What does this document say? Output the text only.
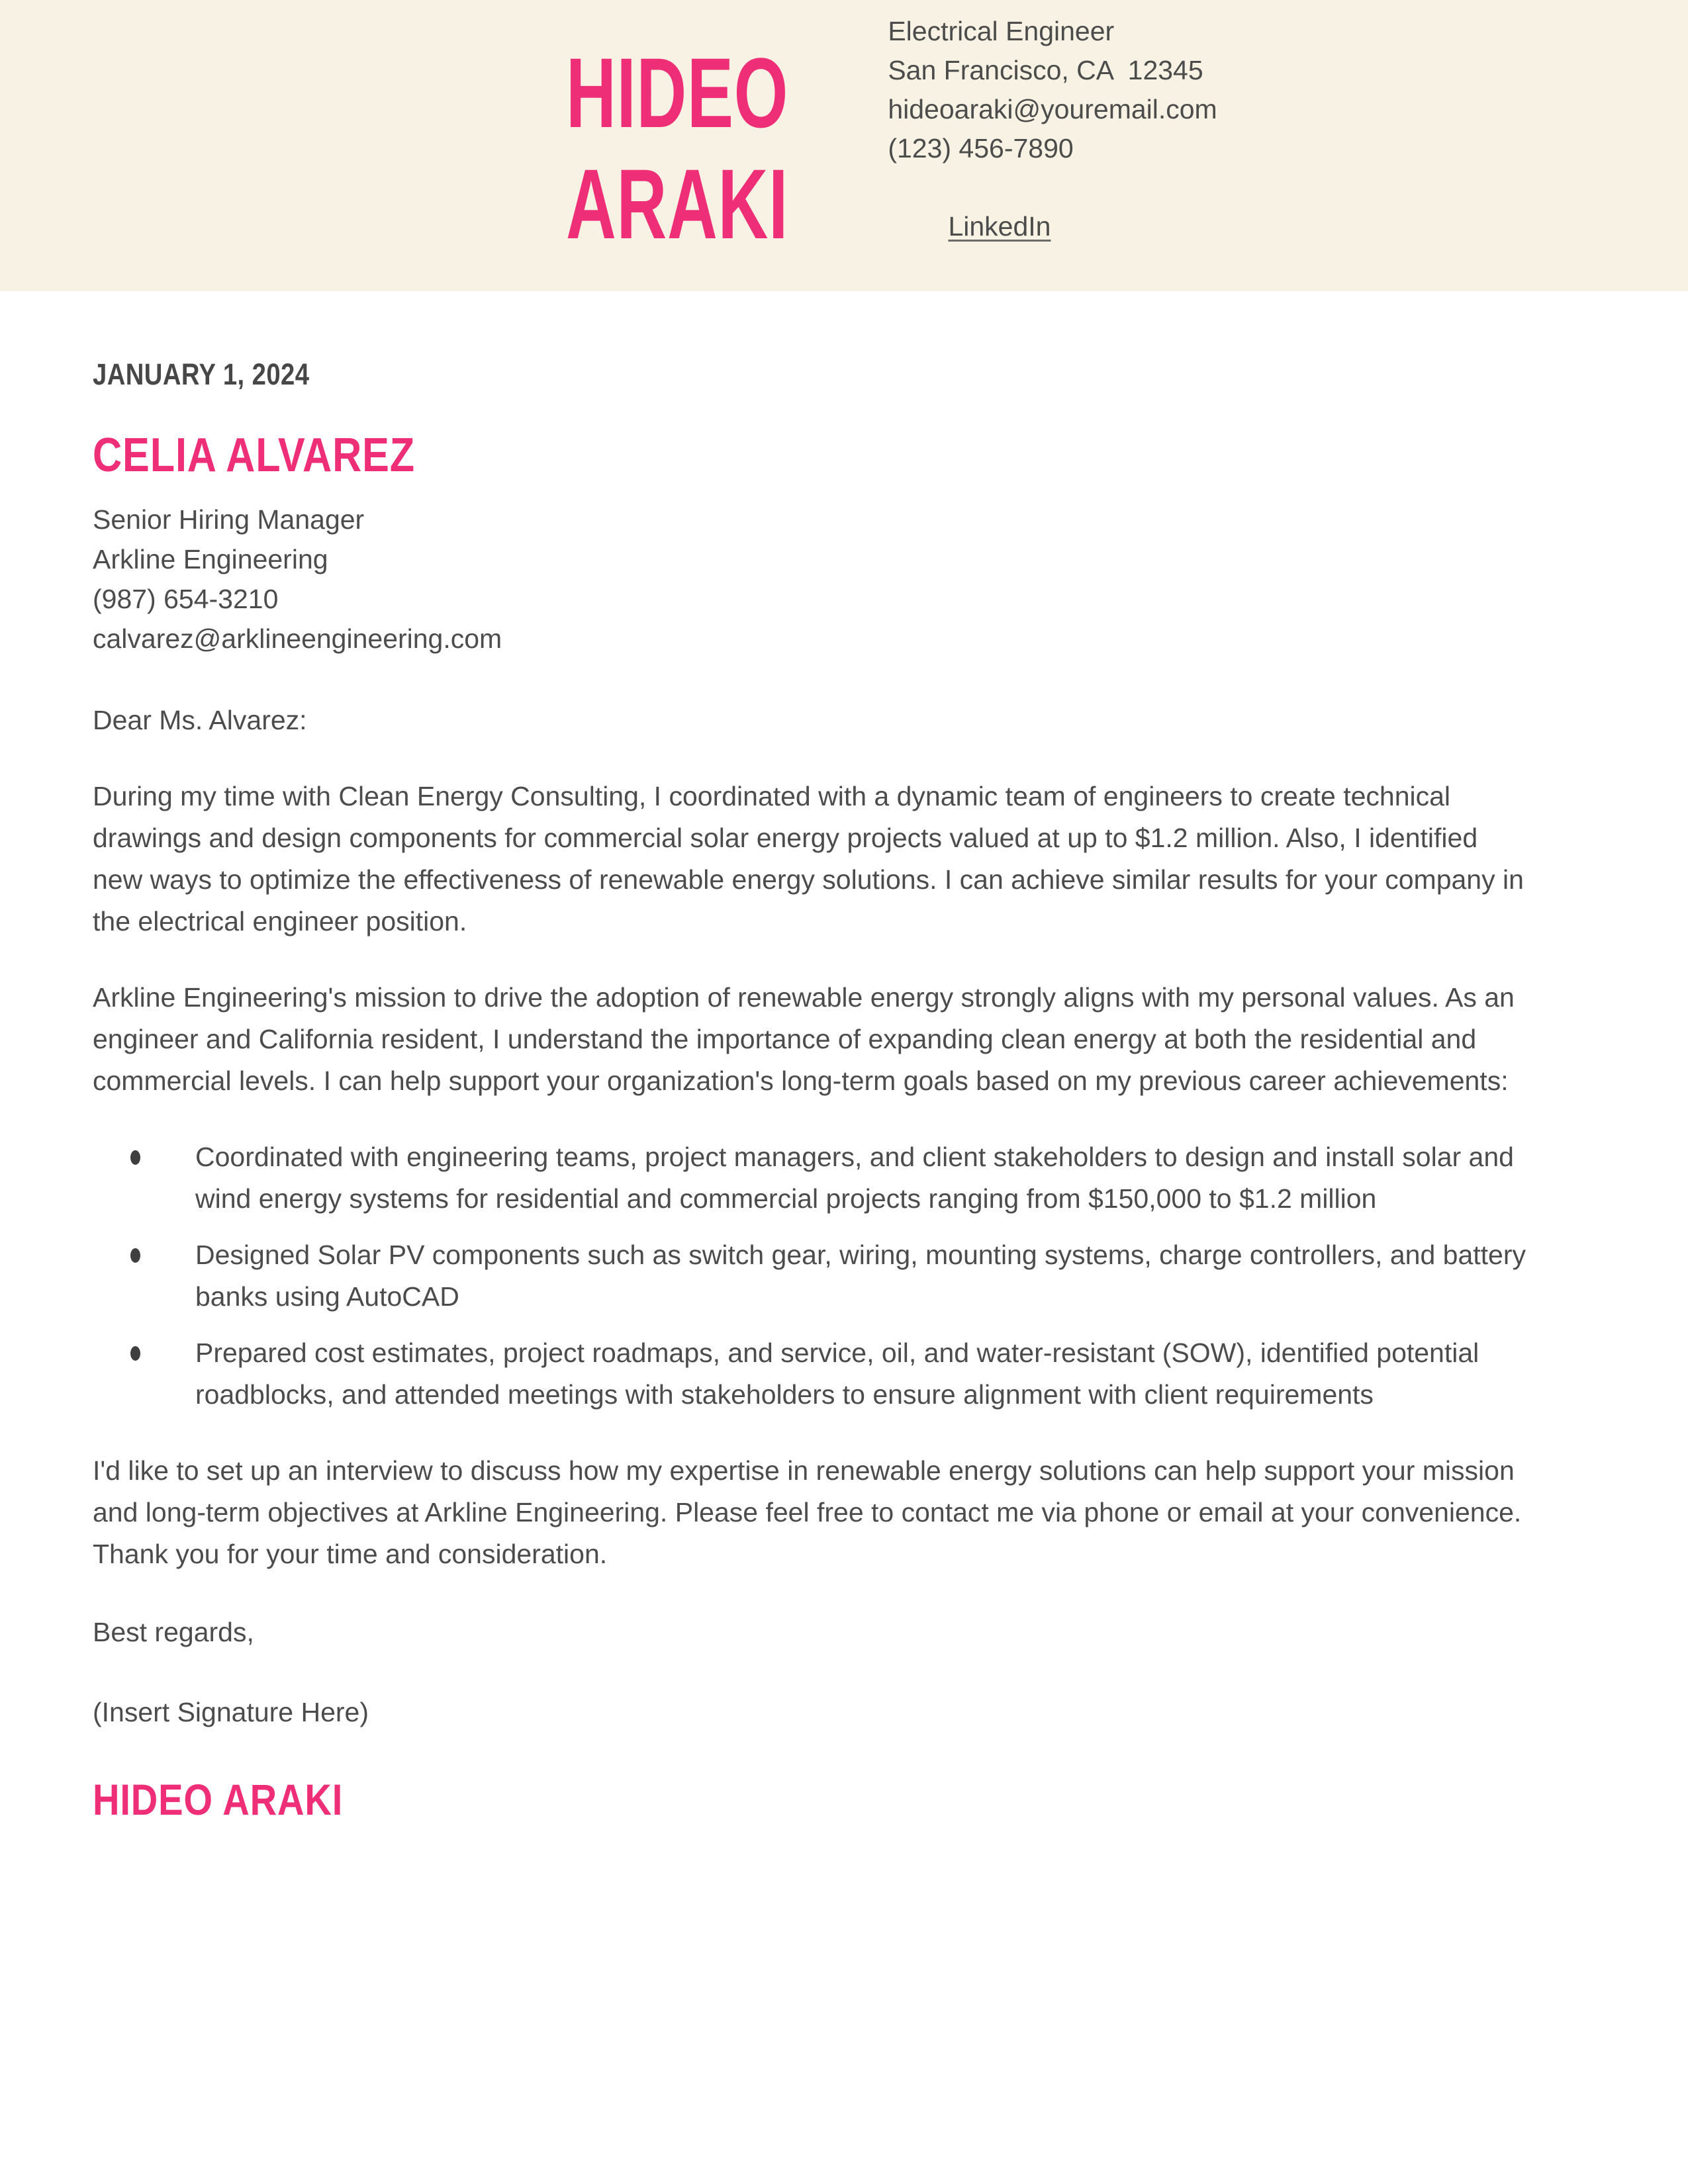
HIDEO
ARAKI
Electrical Engineer
San Francisco, CA  12345
hideoaraki@youremail.com
(123) 456-7890

LinkedIn

JANUARY 1, 2024
CELIA ALVAREZ
Senior Hiring Manager
Arkline Engineering
(987) 654-3210
calvarez@arklineengineering.com
Dear Ms. Alvarez:
During my time with Clean Energy Consulting, I coordinated with a dynamic team of engineers to create technical drawings and design components for commercial solar energy projects valued at up to $1.2 million. Also, I identified new ways to optimize the effectiveness of renewable energy solutions. I can achieve similar results for your company in the electrical engineer position.
Arkline Engineering's mission to drive the adoption of renewable energy strongly aligns with my personal values. As an engineer and California resident, I understand the importance of expanding clean energy at both the residential and commercial levels. I can help support your organization's long-term goals based on my previous career achievements:
Coordinated with engineering teams, project managers, and client stakeholders to design and install solar and wind energy systems for residential and commercial projects ranging from $150,000 to $1.2 million
Designed Solar PV components such as switch gear, wiring, mounting systems, charge controllers, and battery banks using AutoCAD
Prepared cost estimates, project roadmaps, and service, oil, and water-resistant (SOW), identified potential roadblocks, and attended meetings with stakeholders to ensure alignment with client requirements
I'd like to set up an interview to discuss how my expertise in renewable energy solutions can help support your mission and long-term objectives at Arkline Engineering. Please feel free to contact me via phone or email at your convenience. Thank you for your time and consideration.
Best regards,
(Insert Signature Here)
HIDEO ARAKI
